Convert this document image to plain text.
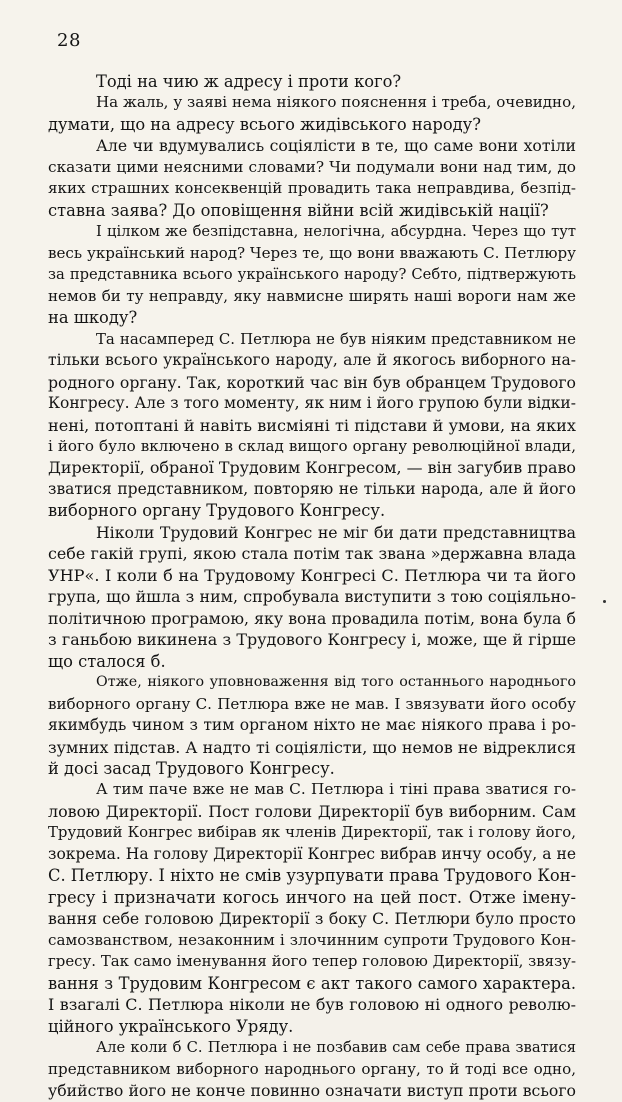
28
Тоді на чию ж адресу і проти кого?
На жаль, у заяві нема ніякого пояснення і треба, очевидно,
думати, що на адресу всього жидівського народу?
Але чи вдумувались соціялісти в те, що саме вони хотіли
сказати цими неясними словами? Чи подумали вони над тим, до
яких страшних консеквенцій провадить така неправдива, безпід-
ставна заява? До оповіщення війни всій жидівській нації?
І цілком же безпідставна, нелогічна, абсурдна. Через що тут
весь український народ? Через те, що вони вважають С. Петлюру
за представника всього українського народу? Себто, підтвержують
немов би ту неправду, яку навмисне ширять наші вороги нам же
на шкоду?
Та насамперед С. Петлюра не був ніяким представником не
тільки всього українського народу, але й якогось виборного на-
родного органу. Так, короткий час він був обранцем Трудового
Конгресу. Але з того моменту, як ним і його групою були відки-
нені, потоптані й навіть висміяні ті підстави й умови, на яких
і його було включено в склад вищого органу революційної влади,
Директорії, обраної Трудовим Конгресом, — він загубив право
зватися представником, повторяю не тільки народа, але й його
виборного органу Трудового Конгресу.
Ніколи Трудовий Конгрес не міг би дати представництва
себе гакій групі, якою стала потім так звана »державна влада
УНР«. І коли б на Трудовому Конгресі С. Петлюра чи та його
група, що йшла з ним, спробувала виступити з тою соціяльно-
політичною програмою, яку вона провадила потім, вона була б
з ганьбою викинена з Трудового Конгресу і, може, ще й гірше
що сталося б.
Отже, ніякого уповноваження від того останнього народнього
виборного органу С. Петлюра вже не мав. І звязувати його особу
якимбудь чином з тим органом ніхто не має ніякого права і ро-
зумних підстав. А надто ті соціялісти, що немов не відреклися
й досі засад Трудового Конгресу.
А тим паче вже не мав С. Петлюра і тіні права зватися го-
ловою Директорії. Пост голови Директорії був виборним. Сам
Трудовий Конгрес вибірав як членів Директорії, так і голову його,
зокрема. На голову Директорії Конгрес вибрав инчу особу, а не
С. Петлюру. І ніхто не смів узурпувати права Трудового Кон-
гресу і призначати когось инчого на цей пост. Отже імену-
вання себе головою Директорії з боку С. Петлюри було просто
самозванством, незаконним і злочинним супроти Трудового Кон-
гресу. Так само іменування його тепер головою Директорії, звязу-
вання з Трудовим Конгресом є акт такого самого характера.
І взагалі С. Петлюра ніколи не був головою ні одного револю-
ційного українського Уряду.
Але коли б С. Петлюра і не позбавив сам себе права зватися
представником виборного народнього органу, то й тоді все одно,
убийство його не конче повинно означати виступ проти всього
